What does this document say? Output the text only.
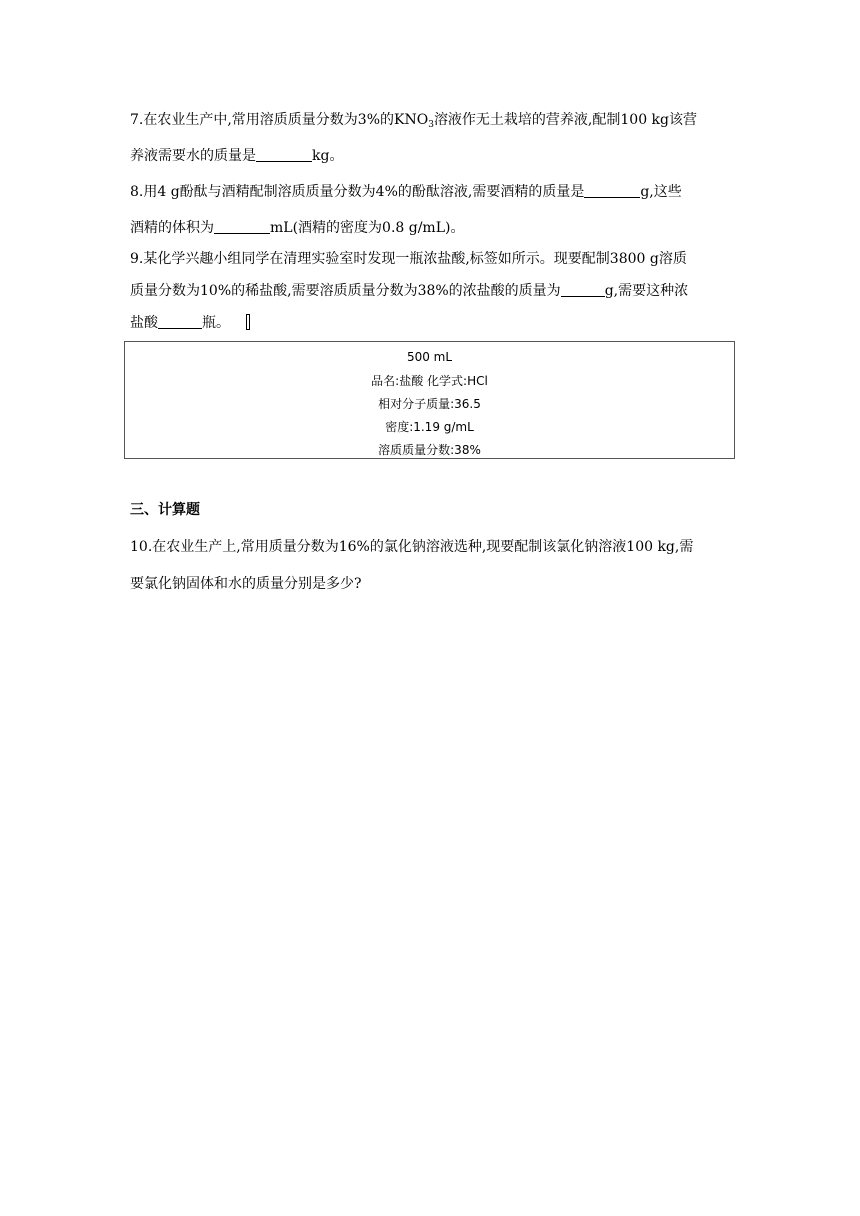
7.在农业生产中,常用溶质质量分数为3%的$KNO_3$溶液作无土栽培的营养液,配制100 kg该营
养液需要水的质量是	kg。
8.用4 g酚酞与酒精配制溶质质量分数为4%的酚酞溶液,需要酒精的质量是	g,这些
酒精的体积为	mL(酒精的密度为0.8 g/mL)。
9.某化学兴趣小组同学在清理实验室时发现一瓶浓盐酸,标签如所示。现要配制3800 g溶质
质量分数为10%的稀盐酸,需要溶质质量分数为38%的浓盐酸的质量为	g,需要这种浓
盐酸	瓶。
500 mL
品名:盐酸 化学式:HCl
相对分子质量:36.5
密度:1.19 g/mL
溶质质量分数:38%
三、计算题
10.在农业生产上,常用质量分数为16%的氯化钠溶液选种,现要配制该氯化钠溶液100 kg,需
要氯化钠固体和水的质量分别是多少?
